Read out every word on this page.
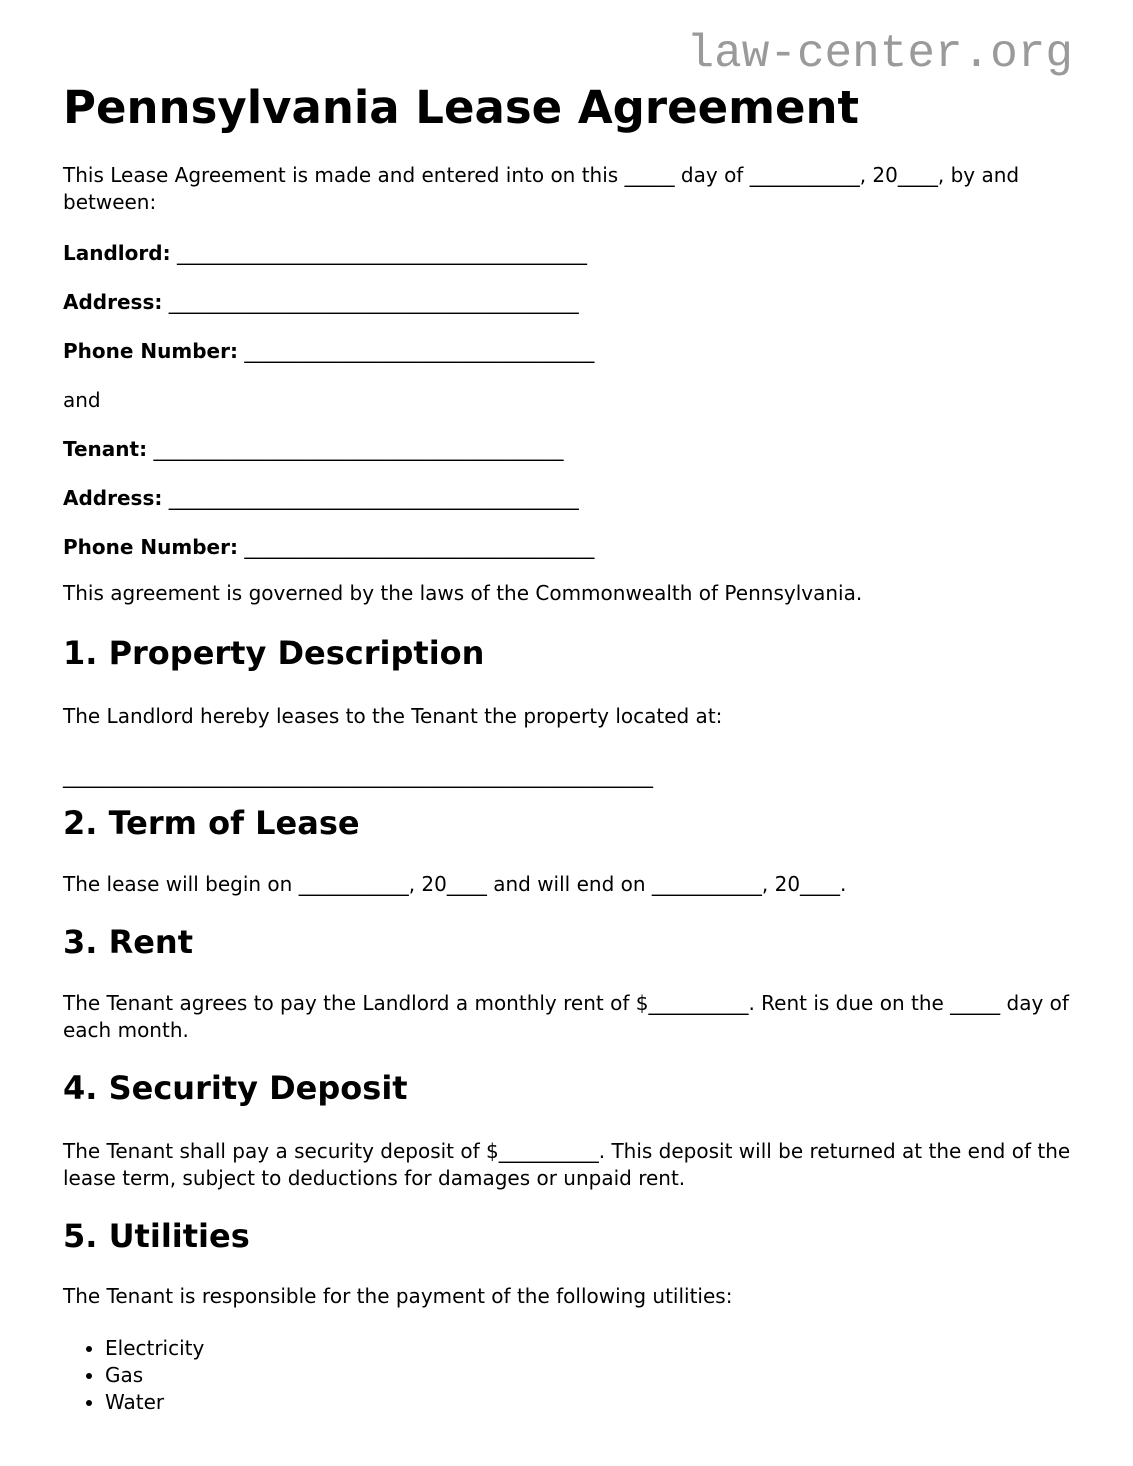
law-center.org
Pennsylvania Lease Agreement

This Lease Agreement is made and entered into on this _____ day of ___________, 20____, by and between:

Landlord: _________________________________________

Address: _________________________________________

Phone Number: ___________________________________

and

Tenant: _________________________________________

Address: _________________________________________

Phone Number: ___________________________________

This agreement is governed by the laws of the Commonwealth of Pennsylvania.

1. Property Description

The Landlord hereby leases to the Tenant the property located at:

___________________________________________________________

2. Term of Lease

The lease will begin on ___________, 20____ and will end on ___________, 20____.

3. Rent

The Tenant agrees to pay the Landlord a monthly rent of $__________. Rent is due on the _____ day of each month.

4. Security Deposit

The Tenant shall pay a security deposit of $__________. This deposit will be returned at the end of the lease term, subject to deductions for damages or unpaid rent.

5. Utilities

The Tenant is responsible for the payment of the following utilities:

• Electricity
• Gas
• Water
